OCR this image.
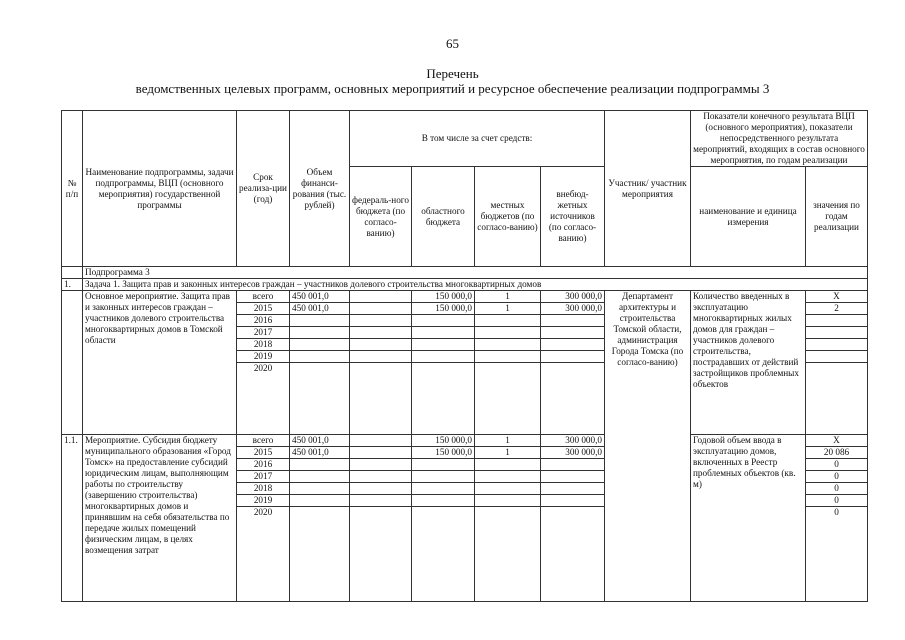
65
Перечень
ведомственных целевых программ, основных мероприятий и ресурсное обеспечение реализации подпрограммы 3
№ п/п	Наименование подпрограммы, задачи подпрограммы, ВЦП (основного мероприятия) государственной программы	Срок реализа-ции (год)	Объем финанси-рования (тыс. рублей)	В том числе за счет средств:				Участник/ участник мероприятия	Показатели конечного результата ВЦП (основного мероприятия), показатели непосредственного результата мероприятий, входящих в состав основного мероприятия, по годам реализации	
				федераль-ного бюджета (по согласо-ванию)	областного бюджета	местных бюджетов (по согласо-ванию)	внебюд-жетных источников (по согласо-ванию)		наименование и единица измерения	значения по годам реализации
	Подпрограмма 3									
1.	Задача 1. Защита прав и законных интересов граждан – участников долевого строительства многоквартирных домов									
	Основное мероприятие. Защита прав и законных интересов граждан – участников долевого строительства многоквартирных домов в Томской области	всего	450 001,0		150 000,0	1	300 000,0	Департамент архитектуры и строительства Томской области, администрация Города Томска (по согласо-ванию)	Количество введенных в эксплуатацию многоквартирных жилых домов для граждан – участников долевого строительства, пострадавших от действий застройщиков проблемных объектов	Х
		2015	450 001,0		150 000,0	1	300 000,0			2
		2016								
		2017								
		2018								
		2019								
		2020								
1.1.	Мероприятие. Субсидия бюджету муниципального образования «Город Томск» на предоставление субсидий юридическим лицам, выполняющим работы по строительству (завершению строительства) многоквартирных домов и принявшим на себя обязательства по передаче жилых помещений физическим лицам, в целях возмещения затрат	всего	450 001,0		150 000,0	1	300 000,0		Годовой объем ввода в эксплуатацию домов, включенных в Реестр проблемных объектов (кв. м)	Х
		2015	450 001,0		150 000,0	1	300 000,0			20 086
		2016								0
		2017								0
		2018								0
		2019								0
		2020								0
